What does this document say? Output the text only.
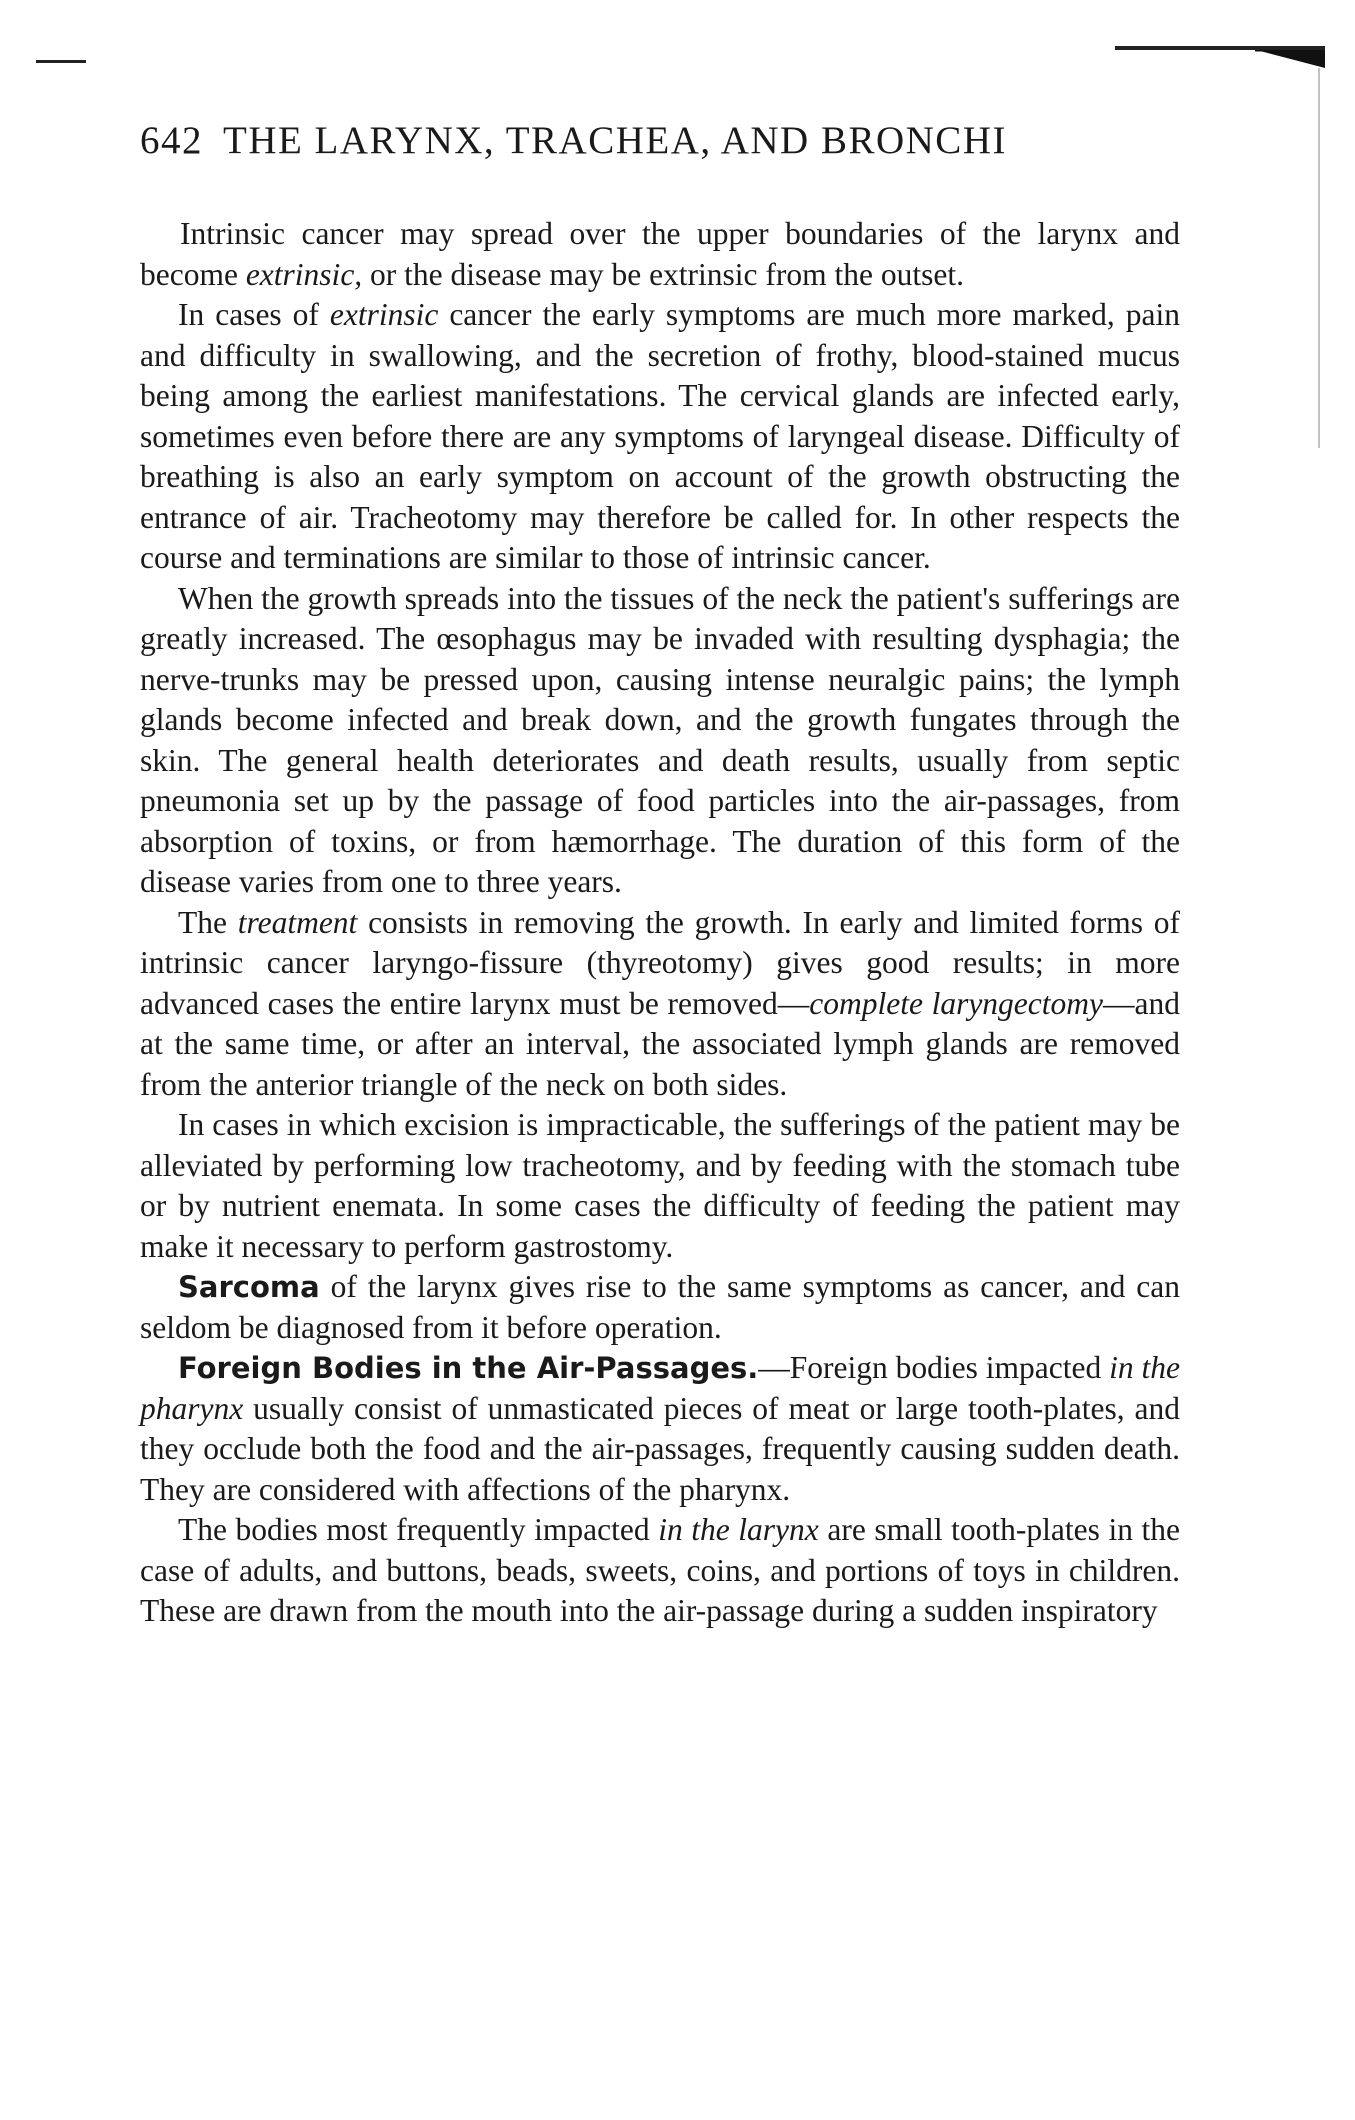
642 THE LARYNX, TRACHEA, AND BRONCHI

Intrinsic cancer may spread over the upper boundaries of the larynx and become extrinsic, or the disease may be extrinsic from the outset.

In cases of extrinsic cancer the early symptoms are much more marked, pain and difficulty in swallowing, and the secretion of frothy, blood-stained mucus being among the earliest manifestations. The cervical glands are infected early, sometimes even before there are any symptoms of laryngeal disease. Difficulty of breathing is also an early symptom on account of the growth obstructing the entrance of air. Tracheotomy may therefore be called for. In other respects the course and terminations are similar to those of intrinsic cancer.

When the growth spreads into the tissues of the neck the patient's sufferings are greatly increased. The œsophagus may be invaded with resulting dysphagia; the nerve-trunks may be pressed upon, causing intense neuralgic pains; the lymph glands become infected and break down, and the growth fungates through the skin. The general health deteriorates and death results, usually from septic pneumonia set up by the passage of food particles into the air-passages, from absorption of toxins, or from hæmorrhage. The duration of this form of the disease varies from one to three years.

The treatment consists in removing the growth. In early and limited forms of intrinsic cancer laryngo-fissure (thyreotomy) gives good results; in more advanced cases the entire larynx must be removed—complete laryngectomy—and at the same time, or after an interval, the associated lymph glands are removed from the anterior triangle of the neck on both sides.

In cases in which excision is impracticable, the sufferings of the patient may be alleviated by performing low tracheotomy, and by feeding with the stomach tube or by nutrient enemata. In some cases the difficulty of feeding the patient may make it necessary to perform gastrostomy.

Sarcoma of the larynx gives rise to the same symptoms as cancer, and can seldom be diagnosed from it before operation.

Foreign Bodies in the Air-Passages.—Foreign bodies impacted in the pharynx usually consist of unmasticated pieces of meat or large tooth-plates, and they occlude both the food and the air-passages, frequently causing sudden death. They are considered with affections of the pharynx.

The bodies most frequently impacted in the larynx are small tooth-plates in the case of adults, and buttons, beads, sweets, coins, and portions of toys in children. These are drawn from the mouth into the air-passage during a sudden inspiratory
